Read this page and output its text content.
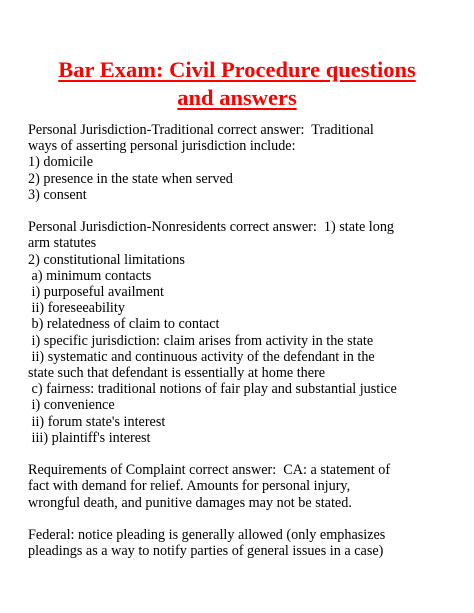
Bar Exam: Civil Procedure questions
and answers
Personal Jurisdiction-Traditional correct answer:  Traditional
ways of asserting personal jurisdiction include:
1) domicile
2) presence in the state when served
3) consent
Personal Jurisdiction-Nonresidents correct answer:  1) state long
arm statutes
2) constitutional limitations
a) minimum contacts
i) purposeful availment
ii) foreseeability
b) relatedness of claim to contact
i) specific jurisdiction: claim arises from activity in the state
ii) systematic and continuous activity of the defendant in the
state such that defendant is essentially at home there
c) fairness: traditional notions of fair play and substantial justice
i) convenience
ii) forum state's interest
iii) plaintiff's interest
Requirements of Complaint correct answer:  CA: a statement of
fact with demand for relief. Amounts for personal injury,
wrongful death, and punitive damages may not be stated.
Federal: notice pleading is generally allowed (only emphasizes
pleadings as a way to notify parties of general issues in a case)
